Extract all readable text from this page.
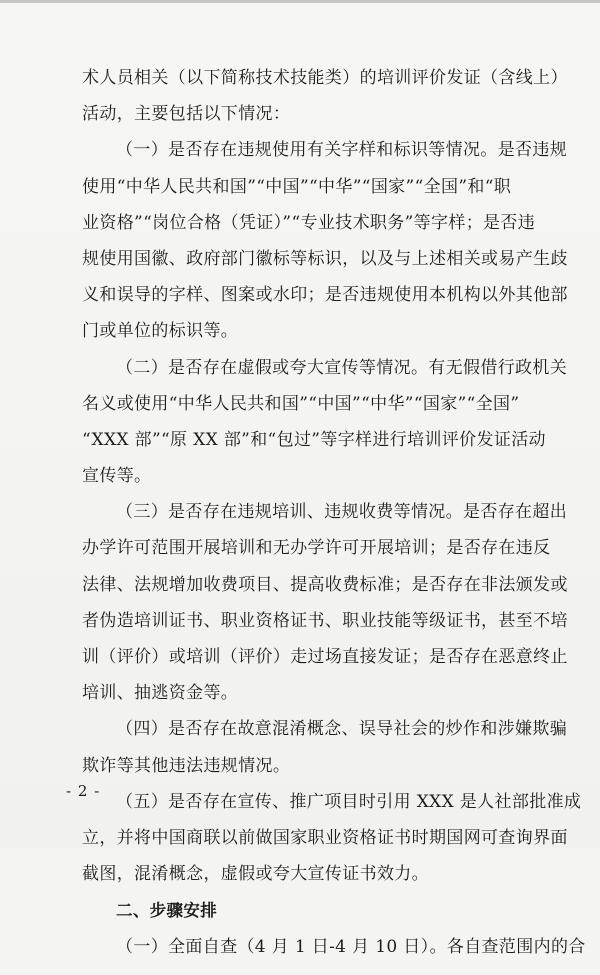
术人员相关（以下简称技术技能类）的培训评价发证（含线上）
活动，主要包括以下情况：
（一）是否存在违规使用有关字样和标识等情况。是否违规
使用“中华人民共和国”“中国”“中华”“国家”“全国”和“职
业资格”“岗位合格（凭证）”“专业技术职务”等字样；是否违
规使用国徽、政府部门徽标等标识，以及与上述相关或易产生歧
义和误导的字样、图案或水印；是否违规使用本机构以外其他部
门或单位的标识等。
（二）是否存在虚假或夸大宣传等情况。有无假借行政机关
名义或使用“中华人民共和国”“中国”“中华”“国家”“全国”
“XXX 部”“原 XX 部”和“包过”等字样进行培训评价发证活动
宣传等。
（三）是否存在违规培训、违规收费等情况。是否存在超出
办学许可范围开展培训和无办学许可开展培训；是否存在违反
法律、法规增加收费项目、提高收费标准；是否存在非法颁发或
者伪造培训证书、职业资格证书、职业技能等级证书，甚至不培
训（评价）或培训（评价）走过场直接发证；是否存在恶意终止
培训、抽逃资金等。
（四）是否存在故意混淆概念、误导社会的炒作和涉嫌欺骗
欺诈等其他违法违规情况。
（五）是否存在宣传、推广项目时引用 XXX 是人社部批准成
立，并将中国商联以前做国家职业资格证书时期国网可查询界面
截图，混淆概念，虚假或夸大宣传证书效力。
二、步骤安排
（一）全面自查（4 月 1 日-4 月 10 日）。各自查范围内的合
- 2 -
